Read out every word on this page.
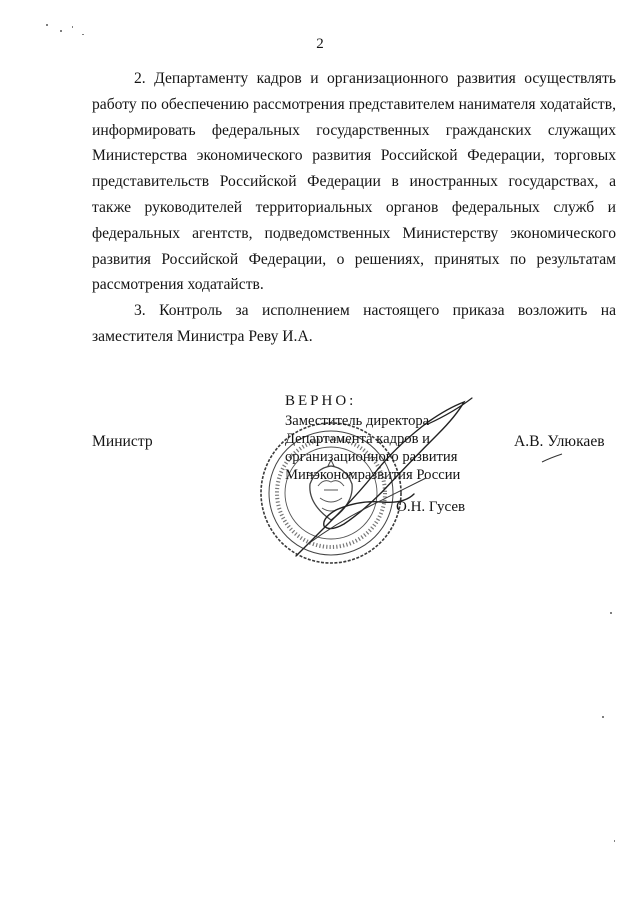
2

2. Департаменту кадров и организационного развития осуществлять работу по обеспечению рассмотрения представителем нанимателя ходатайств, информировать федеральных государственных гражданских служащих Министерства экономического развития Российской Федерации, торговых представительств Российской Федерации в иностранных государствах, а также руководителей территориальных органов федеральных служб и федеральных агентств, подведомственных Министерству экономического развития Российской Федерации, о решениях, принятых по результатам рассмотрения ходатайств.

3. Контроль за исполнением настоящего приказа возложить на заместителя Министра Реву И.А.

Министр	А.В. Улюкаев
ВЕРНО:
Заместитель директора
Департамента кадров и
организационного развития
Минэкономразвития России
О.Н. Гусев
